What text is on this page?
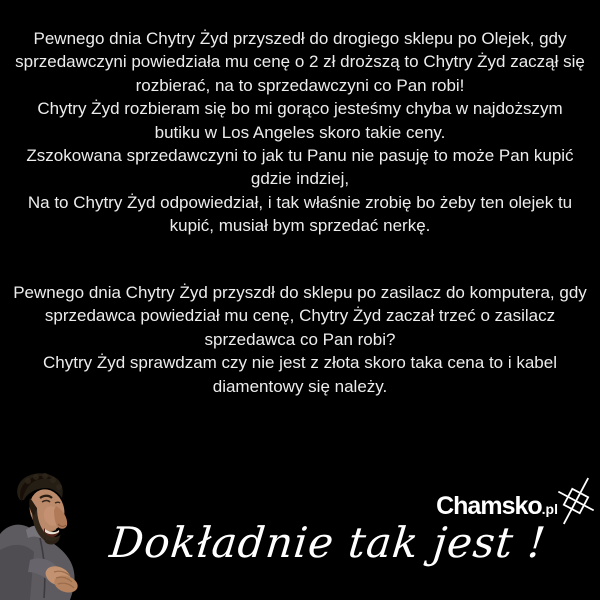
Pewnego dnia Chytry Żyd przyszedł do drogiego sklepu po Olejek, gdy
sprzedawczyni powiedziała mu cenę o 2 zł droższą to Chytry Żyd zaczął się
rozbierać, na to sprzedawczyni co Pan robi!
Chytry Żyd rozbieram się bo mi gorąco jesteśmy chyba w najdoższym
butiku w Los Angeles skoro takie ceny.
Zszokowana sprzedawczyni to jak tu Panu nie pasuję to może Pan kupić
gdzie indziej,
Na to Chytry Żyd odpowiedział, i tak właśnie zrobię bo żeby ten olejek tu
kupić, musiał bym sprzedać nerkę.
Pewnego dnia Chytry Żyd przyszdł do sklepu po zasilacz do komputera, gdy
sprzedawca powiedział mu cenę, Chytry Żyd zaczał trzeć o zasilacz
sprzedawca co Pan robi?
Chytry Żyd sprawdzam czy nie jest z złota skoro taka cena to i kabel
diamentowy się należy.
Chamsko.pl
Dokładnie tak jest !
